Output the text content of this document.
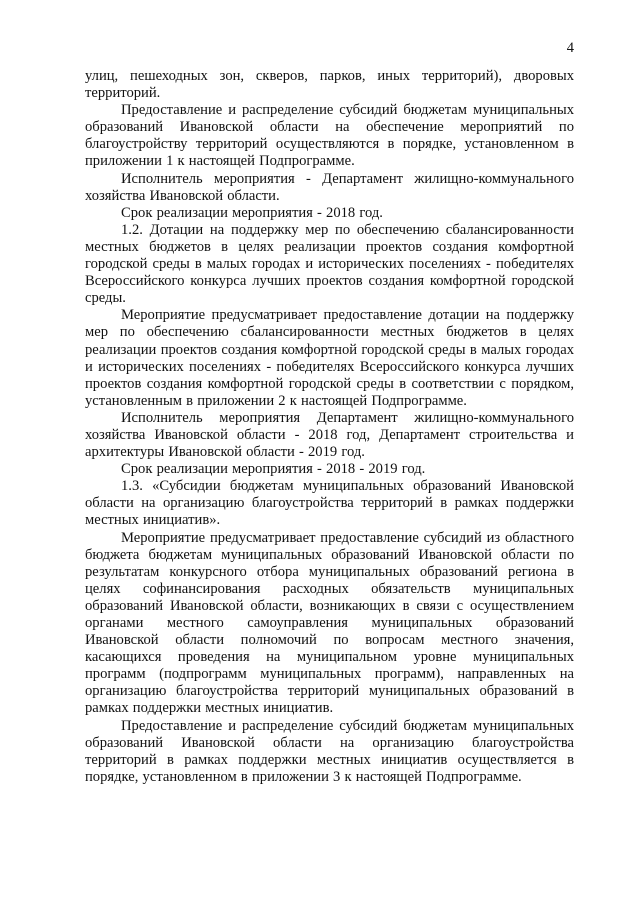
4

улиц, пешеходных зон, скверов, парков, иных территорий), дворовых территорий.

Предоставление и распределение субсидий бюджетам муниципальных образований Ивановской области на обеспечение мероприятий по благоустройству территорий осуществляются в порядке, установленном в приложении 1 к настоящей Подпрограмме.

Исполнитель мероприятия - Департамент жилищно-коммунального хозяйства Ивановской области.

Срок реализации мероприятия - 2018 год.

1.2. Дотации на поддержку мер по обеспечению сбалансированности местных бюджетов в целях реализации проектов создания комфортной городской среды в малых городах и исторических поселениях - победителях Всероссийского конкурса лучших проектов создания комфортной городской среды.

Мероприятие предусматривает предоставление дотации на поддержку мер по обеспечению сбалансированности местных бюджетов в целях реализации проектов создания комфортной городской среды в малых городах и исторических поселениях - победителях Всероссийского конкурса лучших проектов создания комфортной городской среды в соответствии с порядком, установленным в приложении 2 к настоящей Подпрограмме.

Исполнитель мероприятия Департамент жилищно-коммунального хозяйства Ивановской области - 2018 год, Департамент строительства и архитектуры Ивановской области - 2019 год.

Срок реализации мероприятия - 2018 - 2019 год.

1.3. «Субсидии бюджетам муниципальных образований Ивановской области на организацию благоустройства территорий в рамках поддержки местных инициатив».

Мероприятие предусматривает предоставление субсидий из областного бюджета бюджетам муниципальных образований Ивановской области по результатам конкурсного отбора муниципальных образований региона в целях софинансирования расходных обязательств муниципальных образований Ивановской области, возникающих в связи с осуществлением органами местного самоуправления муниципальных образований Ивановской области полномочий по вопросам местного значения, касающихся проведения на муниципальном уровне муниципальных программ (подпрограмм муниципальных программ), направленных на организацию благоустройства территорий муниципальных образований в рамках поддержки местных инициатив.

Предоставление и распределение субсидий бюджетам муниципальных образований Ивановской области на организацию благоустройства территорий в рамках поддержки местных инициатив осуществляется в порядке, установленном в приложении 3 к настоящей Подпрограмме.
